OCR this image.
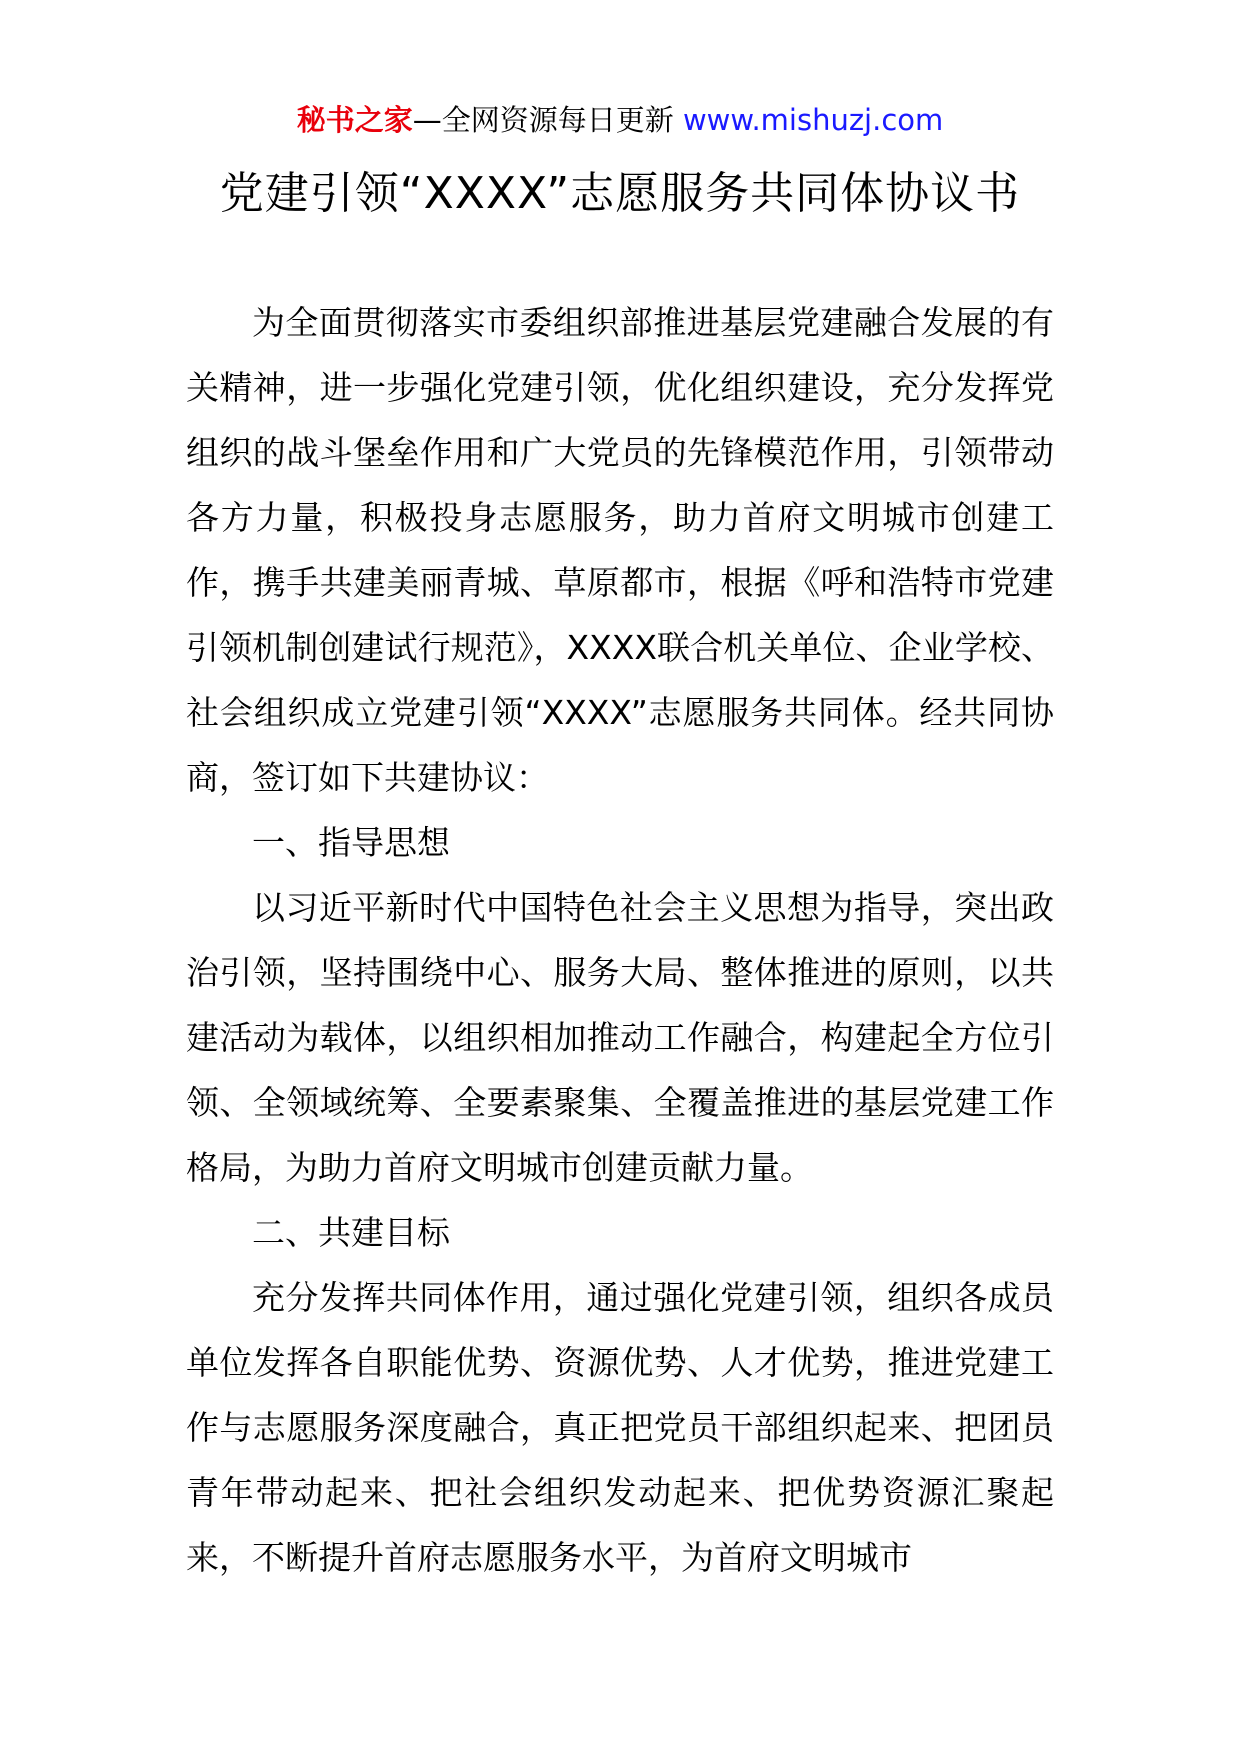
秘书之家—全网资源每日更新 www.mishuzj.com
党建引领“XXXX”志愿服务共同体协议书

为全面贯彻落实市委组织部推进基层党建融合发展的有关精神，进一步强化党建引领，优化组织建设，充分发挥党组织的战斗堡垒作用和广大党员的先锋模范作用，引领带动各方力量，积极投身志愿服务，助力首府文明城市创建工作，携手共建美丽青城、草原都市，根据《呼和浩特市党建引领机制创建试行规范》，XXXX联合机关单位、企业学校、社会组织成立党建引领“XXXX”志愿服务共同体。经共同协商，签订如下共建协议：

一、指导思想

以习近平新时代中国特色社会主义思想为指导，突出政治引领，坚持围绕中心、服务大局、整体推进的原则，以共建活动为载体，以组织相加推动工作融合，构建起全方位引领、全领域统筹、全要素聚集、全覆盖推进的基层党建工作格局，为助力首府文明城市创建贡献力量。

二、共建目标

充分发挥共同体作用，通过强化党建引领，组织各成员单位发挥各自职能优势、资源优势、人才优势，推进党建工作与志愿服务深度融合，真正把党员干部组织起来、把团员青年带动起来、把社会组织发动起来、把优势资源汇聚起来，不断提升首府志愿服务水平，为首府文明城市
